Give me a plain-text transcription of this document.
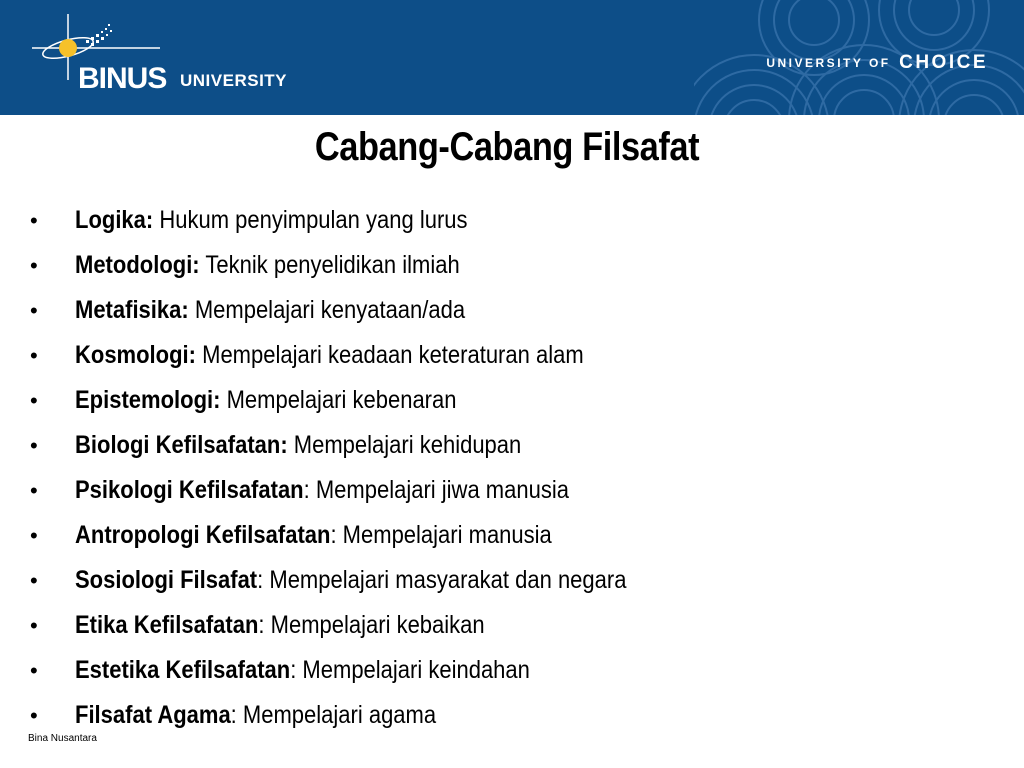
BINUS UNIVERSITY
UNIVERSITY OF CHOICE
Cabang-Cabang Filsafat
•	Logika: Hukum penyimpulan yang lurus
•	Metodologi: Teknik penyelidikan ilmiah
•	Metafisika: Mempelajari kenyataan/ada
•	Kosmologi: Mempelajari keadaan keteraturan alam
•	Epistemologi: Mempelajari kebenaran
•	Biologi Kefilsafatan: Mempelajari kehidupan
•	Psikologi Kefilsafatan: Mempelajari jiwa manusia
•	Antropologi Kefilsafatan: Mempelajari manusia
•	Sosiologi Filsafat: Mempelajari masyarakat dan negara
•	Etika Kefilsafatan: Mempelajari kebaikan
•	Estetika Kefilsafatan: Mempelajari keindahan
•	Filsafat Agama: Mempelajari agama
Bina Nusantara
